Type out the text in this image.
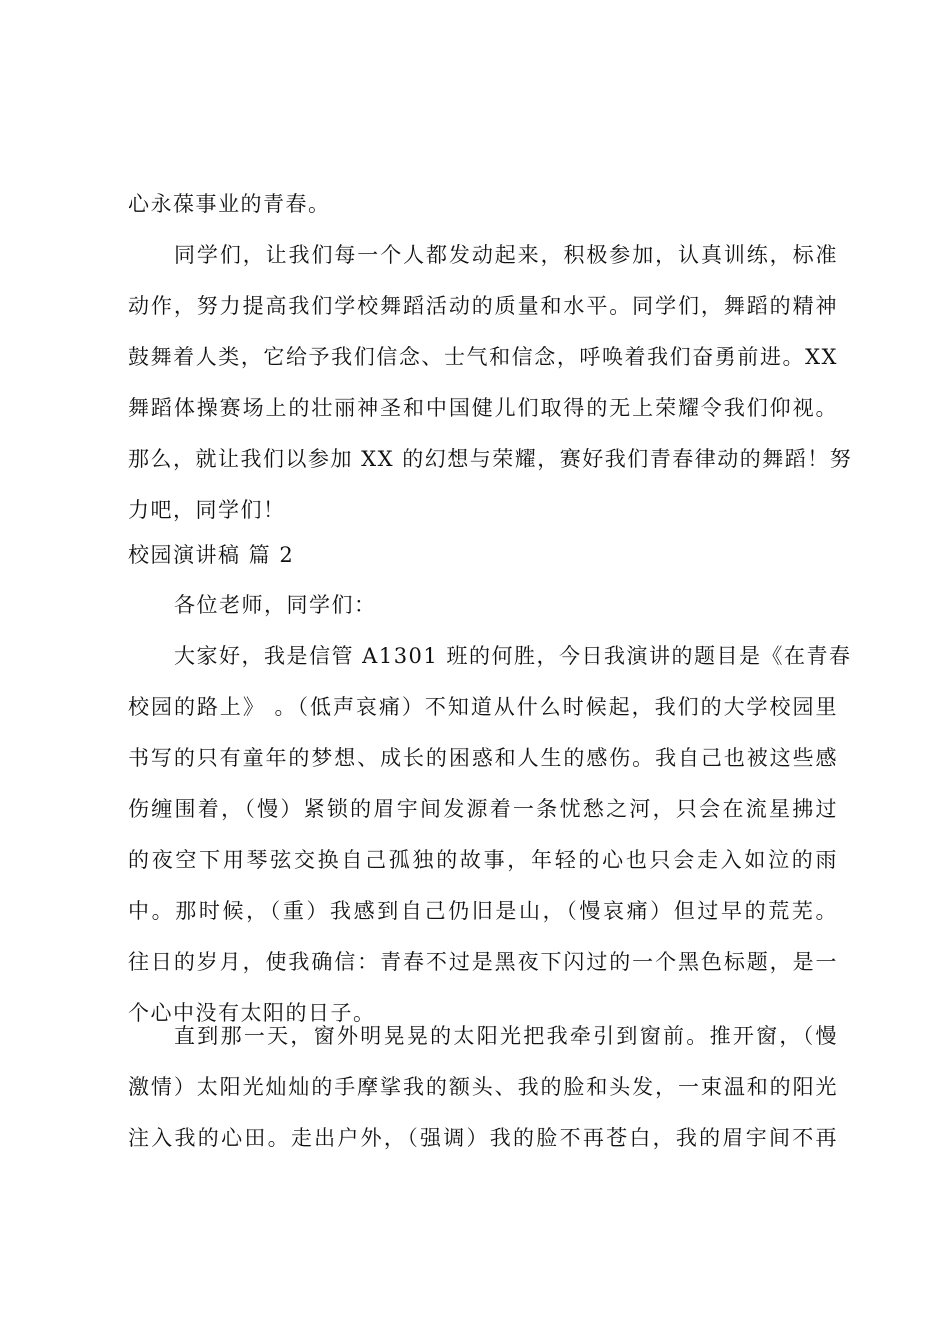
心永葆事业的青春。
同学们，让我们每一个人都发动起来，积极参加，认真训练，标准
动作，努力提高我们学校舞蹈活动的质量和水平。同学们，舞蹈的精神
鼓舞着人类，它给予我们信念、士气和信念，呼唤着我们奋勇前进。XX
舞蹈体操赛场上的壮丽神圣和中国健儿们取得的无上荣耀令我们仰视。
那么，就让我们以参加 XX 的幻想与荣耀，赛好我们青春律动的舞蹈！努
力吧，同学们！
校园演讲稿 篇 2
各位老师，同学们：
大家好，我是信管 A1301 班的何胜，今日我演讲的题目是《在青春
校园的路上》 。（低声哀痛）不知道从什么时候起，我们的大学校园里
书写的只有童年的梦想、成长的困惑和人生的感伤。我自己也被这些感
伤缠围着，（慢）紧锁的眉宇间发源着一条忧愁之河，只会在流星拂过
的夜空下用琴弦交换自己孤独的故事，年轻的心也只会走入如泣的雨
中。那时候，（重）我感到自己仍旧是山，（慢哀痛）但过早的荒芜。
往日的岁月，使我确信：青春不过是黑夜下闪过的一个黑色标题，是一
个心中没有太阳的日子。
直到那一天，窗外明晃晃的太阳光把我牵引到窗前。推开窗，（慢
激情）太阳光灿灿的手摩挲我的额头、我的脸和头发，一束温和的阳光
注入我的心田。走出户外，（强调）我的脸不再苍白，我的眉宇间不再
